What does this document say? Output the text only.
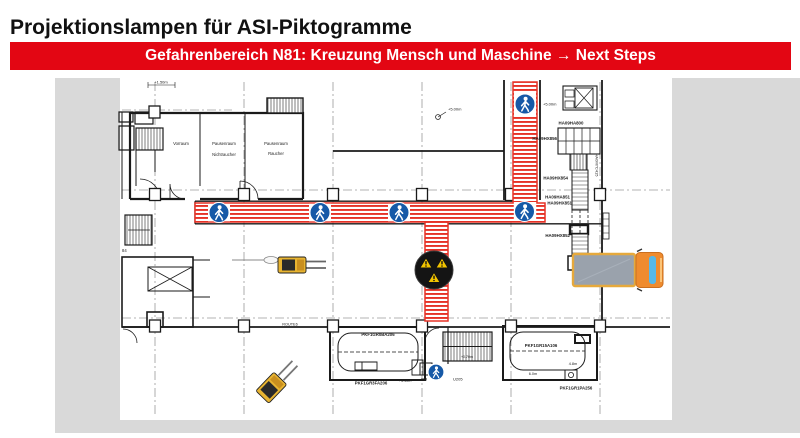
Projektionslampen für ASI-Piktogramme
Gefahrenbereich N81: Kreuzung Mensch und Maschine → Next Steps
Vorraum	Pausenraum
Nichtraucher
Pausenraum
Raucher
HA09HA800
HA09HX856
HA09HX854
HA0M7C415
HA09HA851
HA09HX851
HA09HX852
PKF1GR0BA206
PKF1GR3FA206
PKF1GR15A106
PKF1GR1PA256
+1.50m
+5.00m
+5.00m
+4.10m
4.8m
6.0m
+0.70m
ROUTE6
84
PN	U205
